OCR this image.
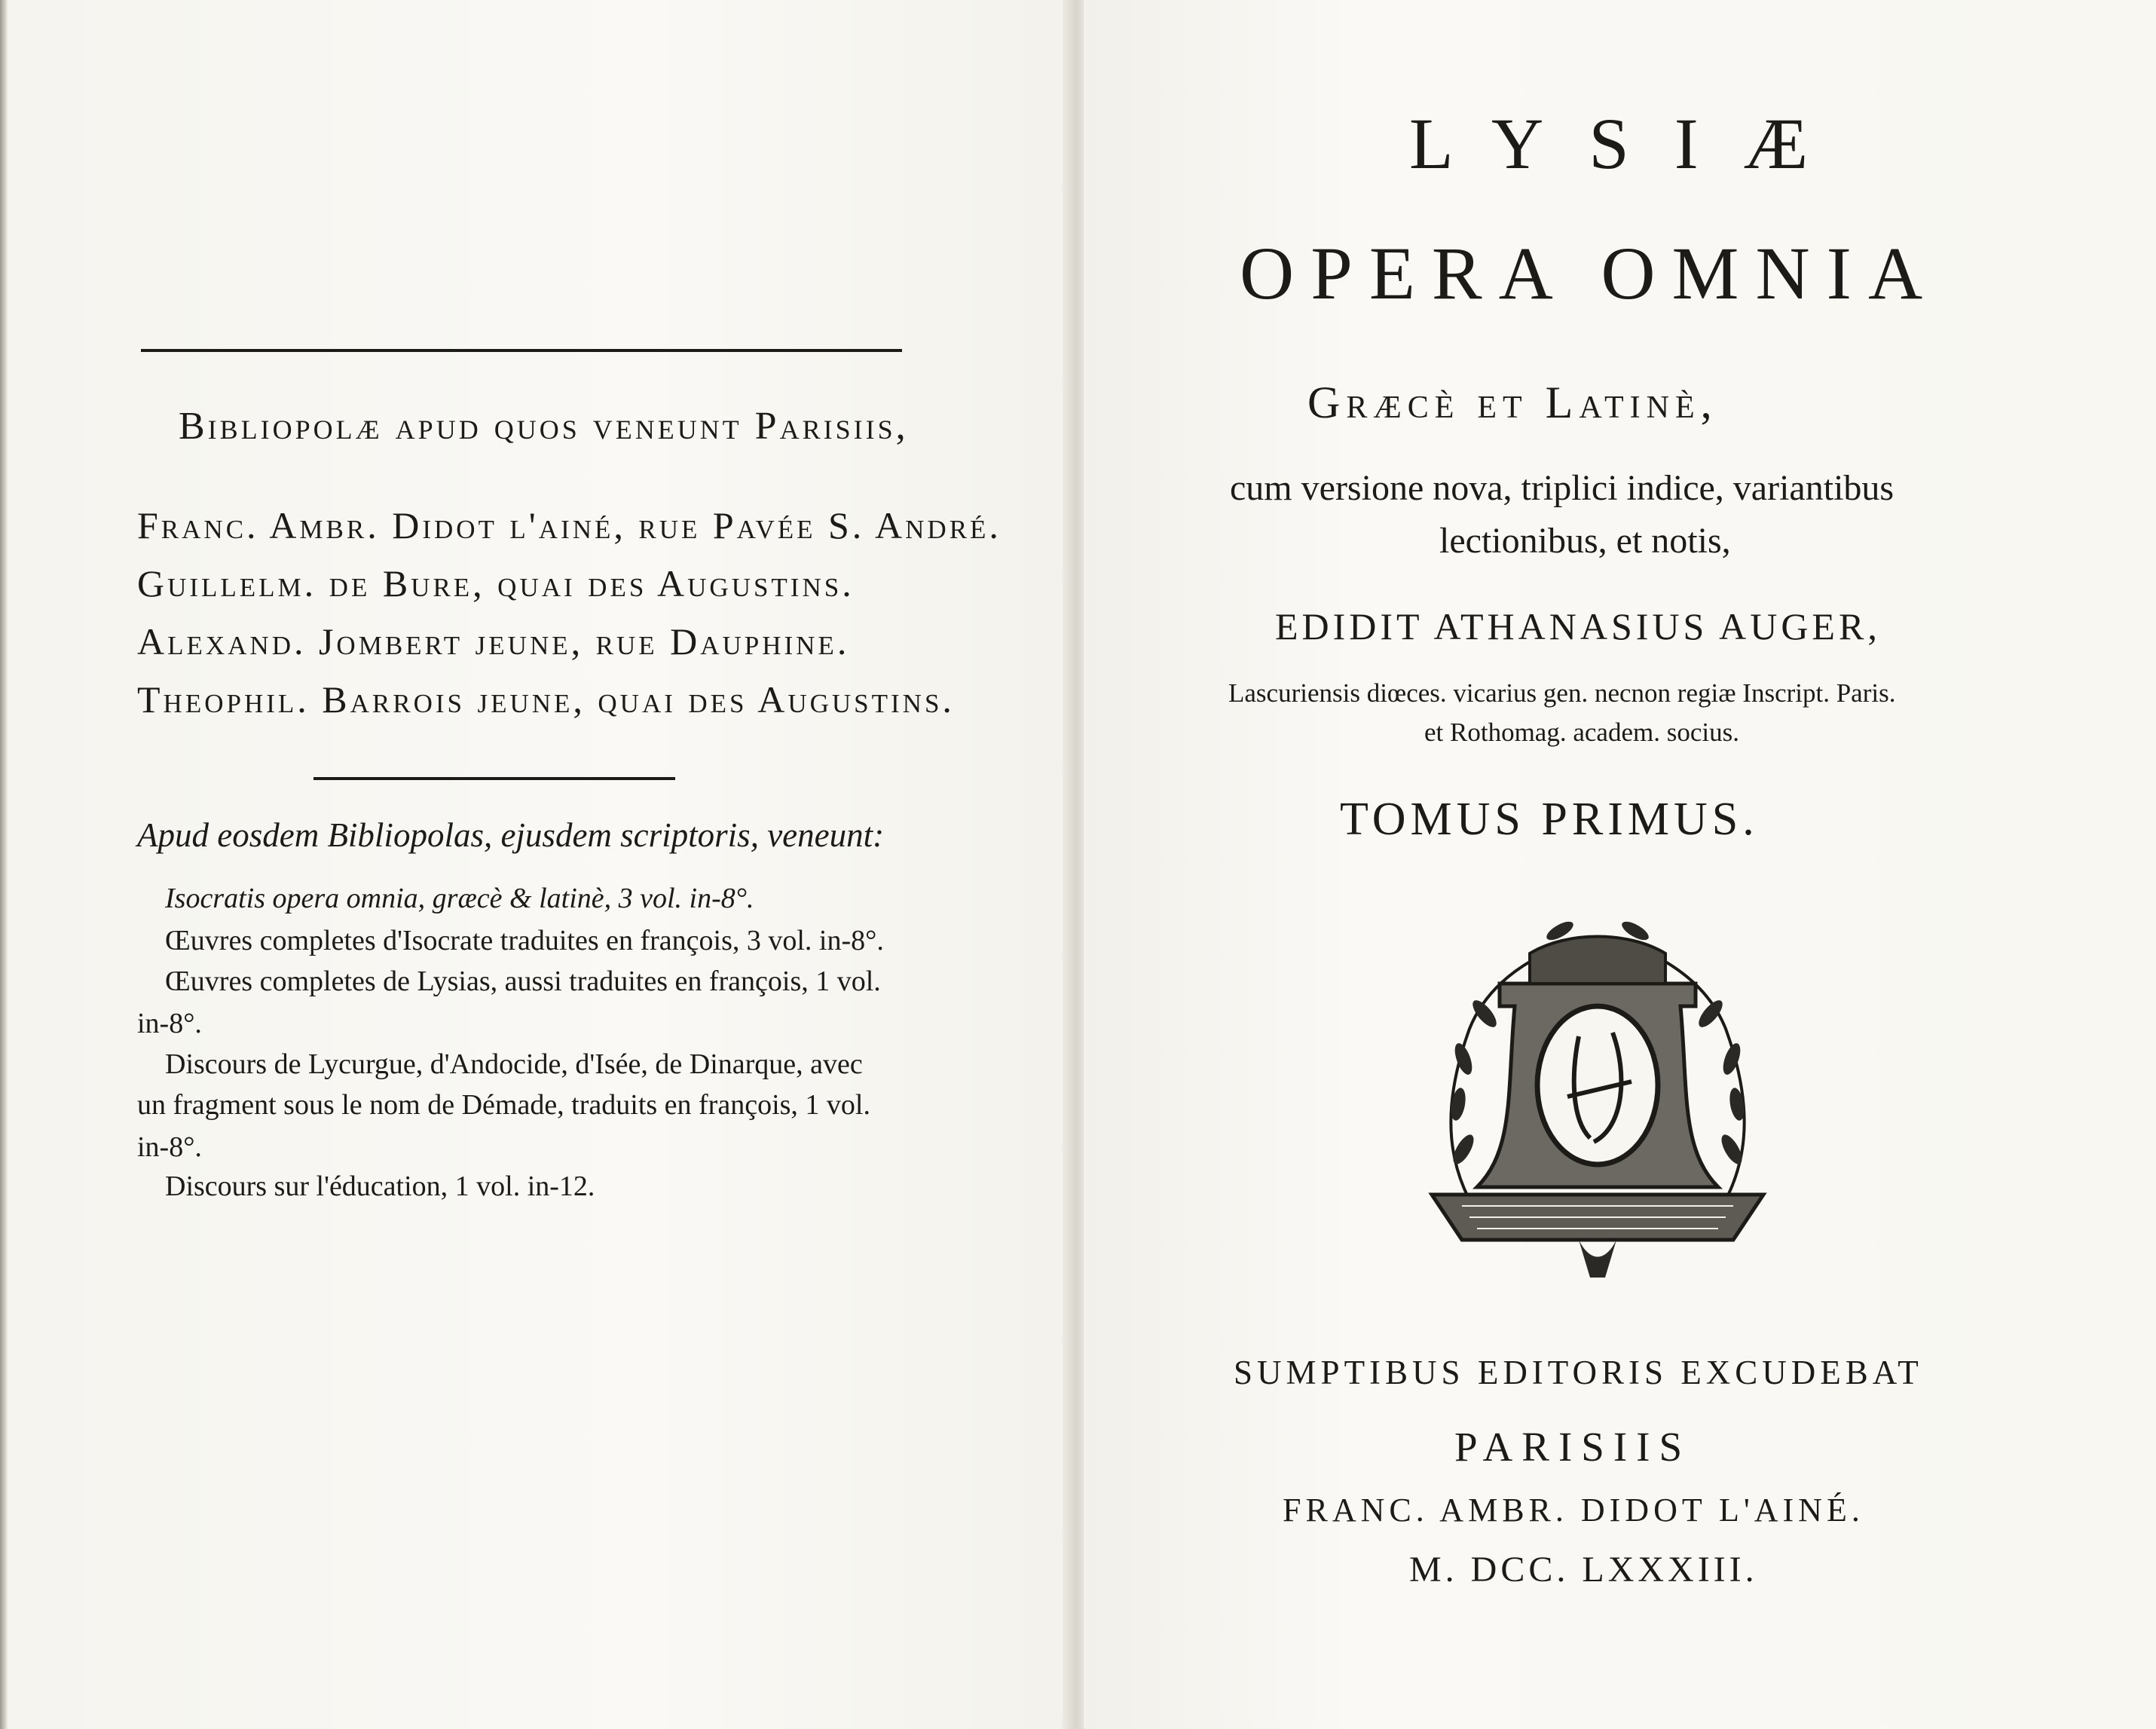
Bibliopolæ apud quos veneunt Parisiis,
Franc. Ambr. Didot l'ainé, rue Pavée S. André.
Guillelm. de Bure, quai des Augustins.
Alexand. Jombert jeune, rue Dauphine.
Theophil. Barrois jeune, quai des Augustins.
Apud eosdem Bibliopolas, ejusdem scriptoris, veneunt:
Isocratis opera omnia, græcè & latinè, 3 vol. in-8°.
Œuvres completes d'Isocrate traduites en françois, 3 vol. in-8°.
Œuvres completes de Lysias, aussi traduites en françois, 1 vol.
in-8°.
Discours de Lycurgue, d'Andocide, d'Isée, de Dinarque, avec
un fragment sous le nom de Démade, traduits en françois, 1 vol.
in-8°.
Discours sur l'éducation, 1 vol. in-12.
LYSIÆ
OPERA OMNIA
Græcè et Latinè,
cum versione nova, triplici indice, variantibus
lectionibus, et notis,
EDIDIT ATHANASIUS AUGER,
Lascuriensis diœces. vicarius gen. necnon regiæ Inscript. Paris.
et Rothomag. academ. socius.
TOMUS PRIMUS.
SUMPTIBUS EDITORIS EXCUDEBAT
PARISIIS
FRANC. AMBR. DIDOT L'AINÉ.
M. DCC. LXXXIII.
